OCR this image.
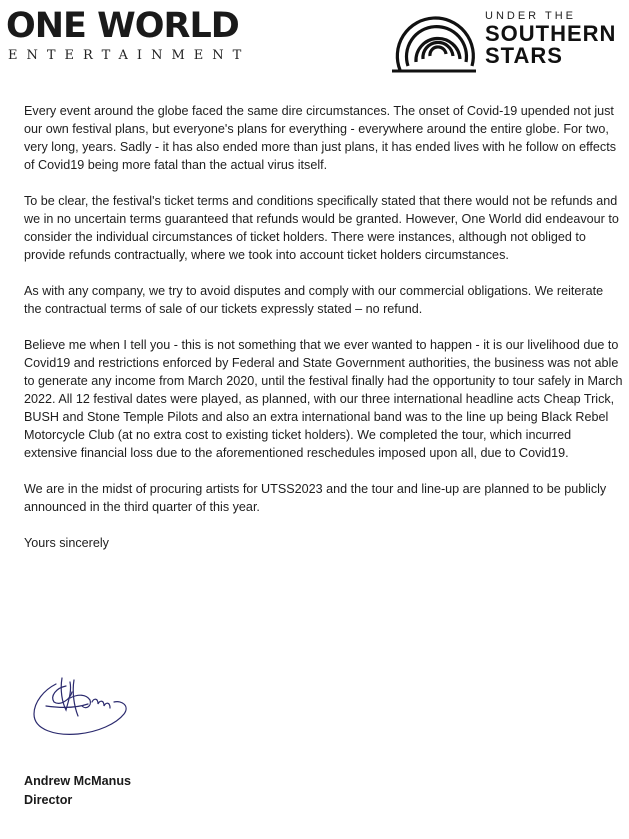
ONE WORLD
ENTERTAINMENT
UNDER THE
SOUTHERN
STARS

Every event around the globe faced the same dire circumstances. The onset of Covid-19 upended not just our own festival plans, but everyone's plans for everything - everywhere around the entire globe. For two, very long, years. Sadly - it has also ended more than just plans, it has ended lives with he follow on effects of Covid19 being more fatal than the actual virus itself.

To be clear, the festival's ticket terms and conditions specifically stated that there would not be refunds and we in no uncertain terms guaranteed that refunds would be granted. However, One World did endeavour to consider the individual circumstances of ticket holders. There were instances, although not obliged to provide refunds contractually, where we took into account ticket holders circumstances.

As with any company, we try to avoid disputes and comply with our commercial obligations. We reiterate the contractual terms of sale of our tickets expressly stated – no refund.

Believe me when I tell you - this is not something that we ever wanted to happen - it is our livelihood due to Covid19 and restrictions enforced by Federal and State Government authorities, the business was not able to generate any income from March 2020, until the festival finally had the opportunity to tour safely in March 2022. All 12 festival dates were played, as planned, with our three international headline acts Cheap Trick, BUSH and Stone Temple Pilots and also an extra international band was to the line up being Black Rebel Motorcycle Club (at no extra cost to existing ticket holders). We completed the tour, which incurred extensive financial loss due to the aforementioned reschedules imposed upon all, due to Covid19.

We are in the midst of procuring artists for UTSS2023 and the tour and line-up are planned to be publicly announced in the third quarter of this year.

Yours sincerely

Andrew McManus
Director
